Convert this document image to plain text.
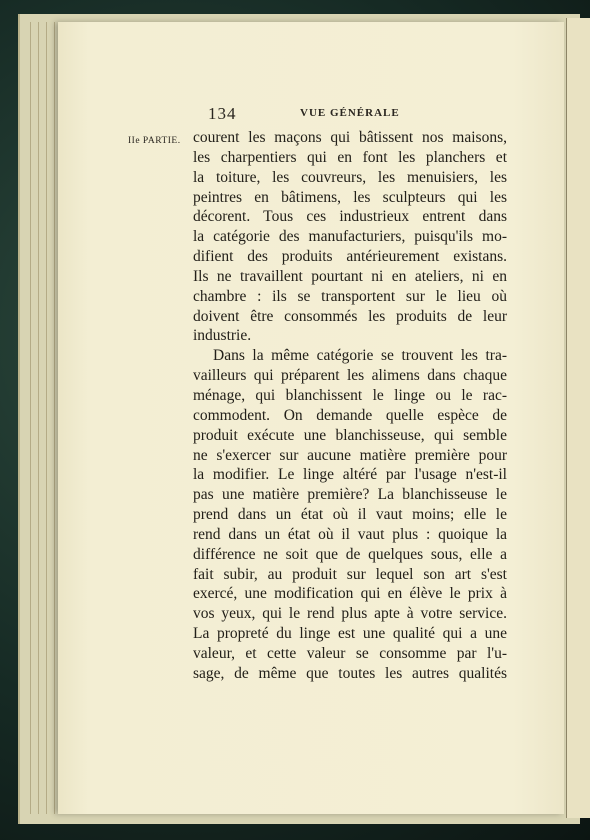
134	VUE GÉNÉRALE
IIe PARTIE. courent les maçons qui bâtissent nos maisons,
les charpentiers qui en font les planchers et
la toiture, les couvreurs, les menuisiers, les
peintres en bâtimens, les sculpteurs qui les
décorent. Tous ces industrieux entrent dans
la catégorie des manufacturiers, puisqu'ils mo-
difient des produits antérieurement existans.
Ils ne travaillent pourtant ni en ateliers, ni en
chambre : ils se transportent sur le lieu où
doivent être consommés les produits de leur
industrie.
Dans la même catégorie se trouvent les tra-
vailleurs qui préparent les alimens dans chaque
ménage, qui blanchissent le linge ou le rac-
commodent. On demande quelle espèce de
produit exécute une blanchisseuse, qui semble
ne s'exercer sur aucune matière première pour
la modifier. Le linge altéré par l'usage n'est-il
pas une matière première? La blanchisseuse le
prend dans un état où il vaut moins; elle le
rend dans un état où il vaut plus : quoique la
différence ne soit que de quelques sous, elle a
fait subir, au produit sur lequel son art s'est
exercé, une modification qui en élève le prix à
vos yeux, qui le rend plus apte à votre service.
La propreté du linge est une qualité qui a une
valeur, et cette valeur se consomme par l'u-
sage, de même que toutes les autres qualités
